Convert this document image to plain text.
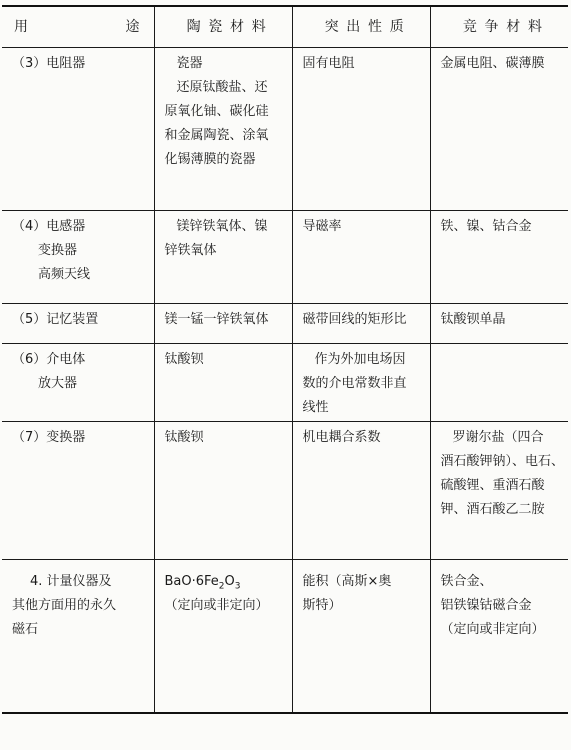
用 途	陶瓷材料	突出性质	竞争材料

（3）电阻器	瓷器
还原钛酸盐、还
原氧化铀、碳化硅
和金属陶瓷、涂氧
化锡薄膜的瓷器	固有电阻	金属电阻、碳薄膜

（4）电感器
变换器
高频天线	镁锌铁氧体、镍
锌铁氧体	导磁率	铁、镍、钴合金

（5）记忆装置	镁一锰一锌铁氧体	磁带回线的矩形比	钛酸钡单晶

（6）介电体
放大器	钛酸钡	作为外加电场因
数的介电常数非直
线性	

（7）变换器	钛酸钡	机电耦合系数	罗谢尔盐（四合
酒石酸钾钠）、电石、
硫酸锂、重酒石酸
钾、酒石酸乙二胺

4. 计量仪器及
其他方面用的永久
磁石	$BaO\cdot 6Fe_2O_3$
（定向或非定向）	能积（高斯×奥
斯特）	铁合金、
铝铁镍钴磁合金
（定向或非定向）
